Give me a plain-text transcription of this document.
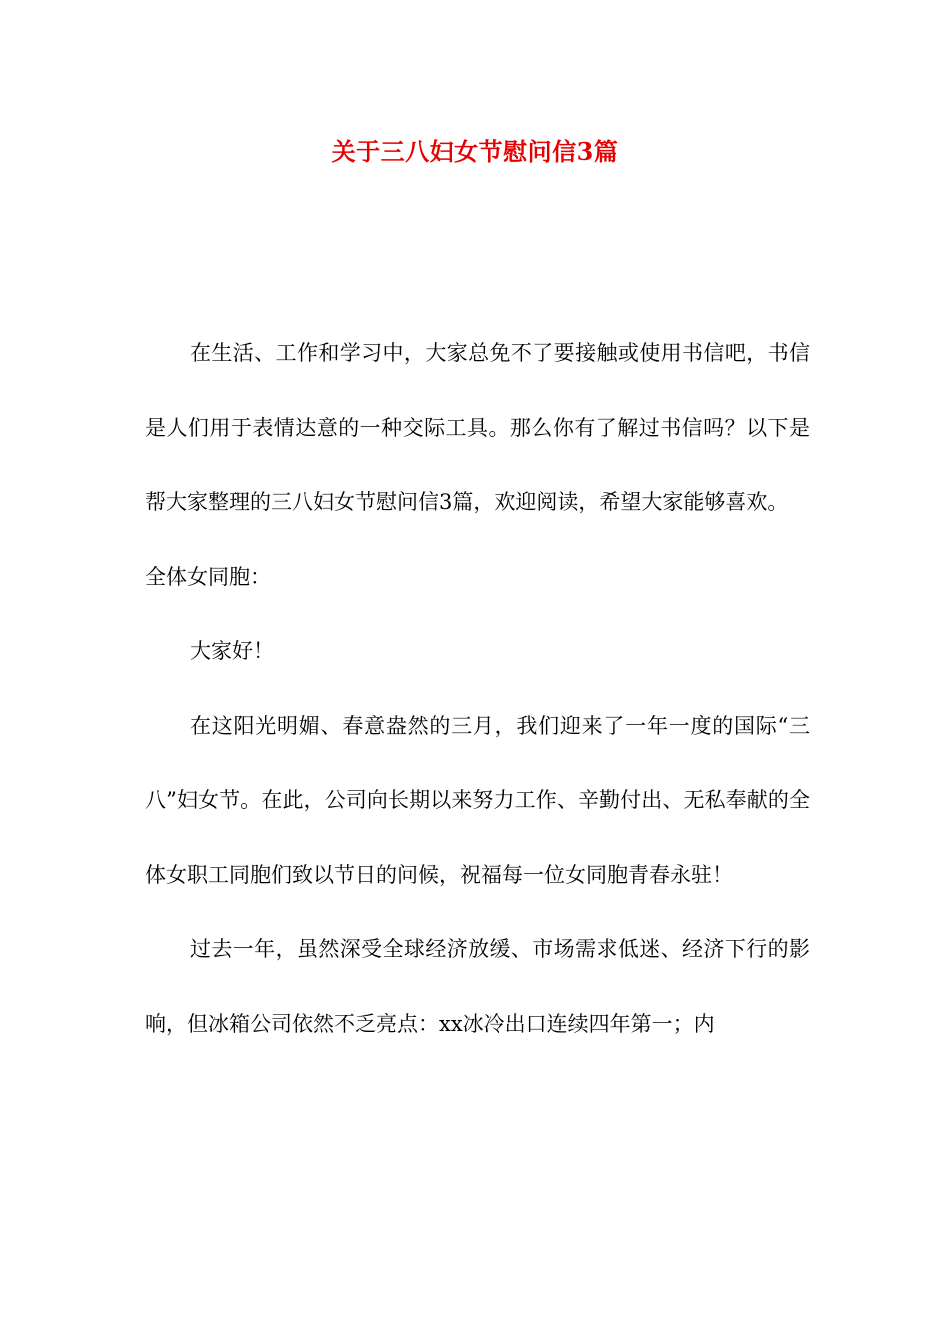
关于三八妇女节慰问信3篇

在生活、工作和学习中，大家总免不了要接触或使用书信吧，书信是人们用于表情达意的一种交际工具。那么你有了解过书信吗？以下是帮大家整理的三八妇女节慰问信3篇，欢迎阅读，希望大家能够喜欢。

全体女同胞：

大家好！

在这阳光明媚、春意盎然的三月，我们迎来了一年一度的国际“三八”妇女节。在此，公司向长期以来努力工作、辛勤付出、无私奉献的全体女职工同胞们致以节日的问候，祝福每一位女同胞青春永驻！

过去一年，虽然深受全球经济放缓、市场需求低迷、经济下行的影响，但冰箱公司依然不乏亮点：xx冰冷出口连续四年第一；内
